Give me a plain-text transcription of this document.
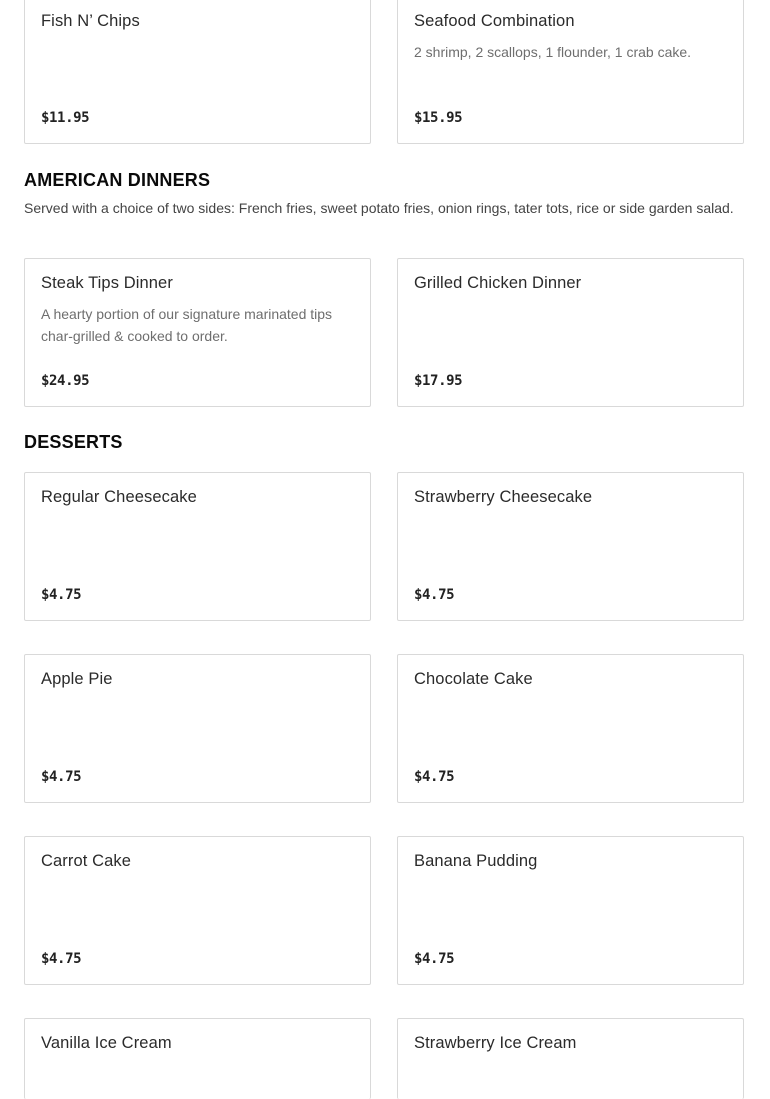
Fish N’ Chips
$11.95
Seafood Combination
2 shrimp, 2 scallops, 1 flounder, 1 crab cake.
$15.95
AMERICAN DINNERS
Served with a choice of two sides: French fries, sweet potato fries, onion rings, tater tots, rice or side garden salad.
Steak Tips Dinner
A hearty portion of our signature marinated tips char-grilled & cooked to order.
$24.95
Grilled Chicken Dinner
$17.95
DESSERTS
Regular Cheesecake
$4.75
Strawberry Cheesecake
$4.75
Apple Pie
$4.75
Chocolate Cake
$4.75
Carrot Cake
$4.75
Banana Pudding
$4.75
Vanilla Ice Cream	Strawberry Ice Cream
